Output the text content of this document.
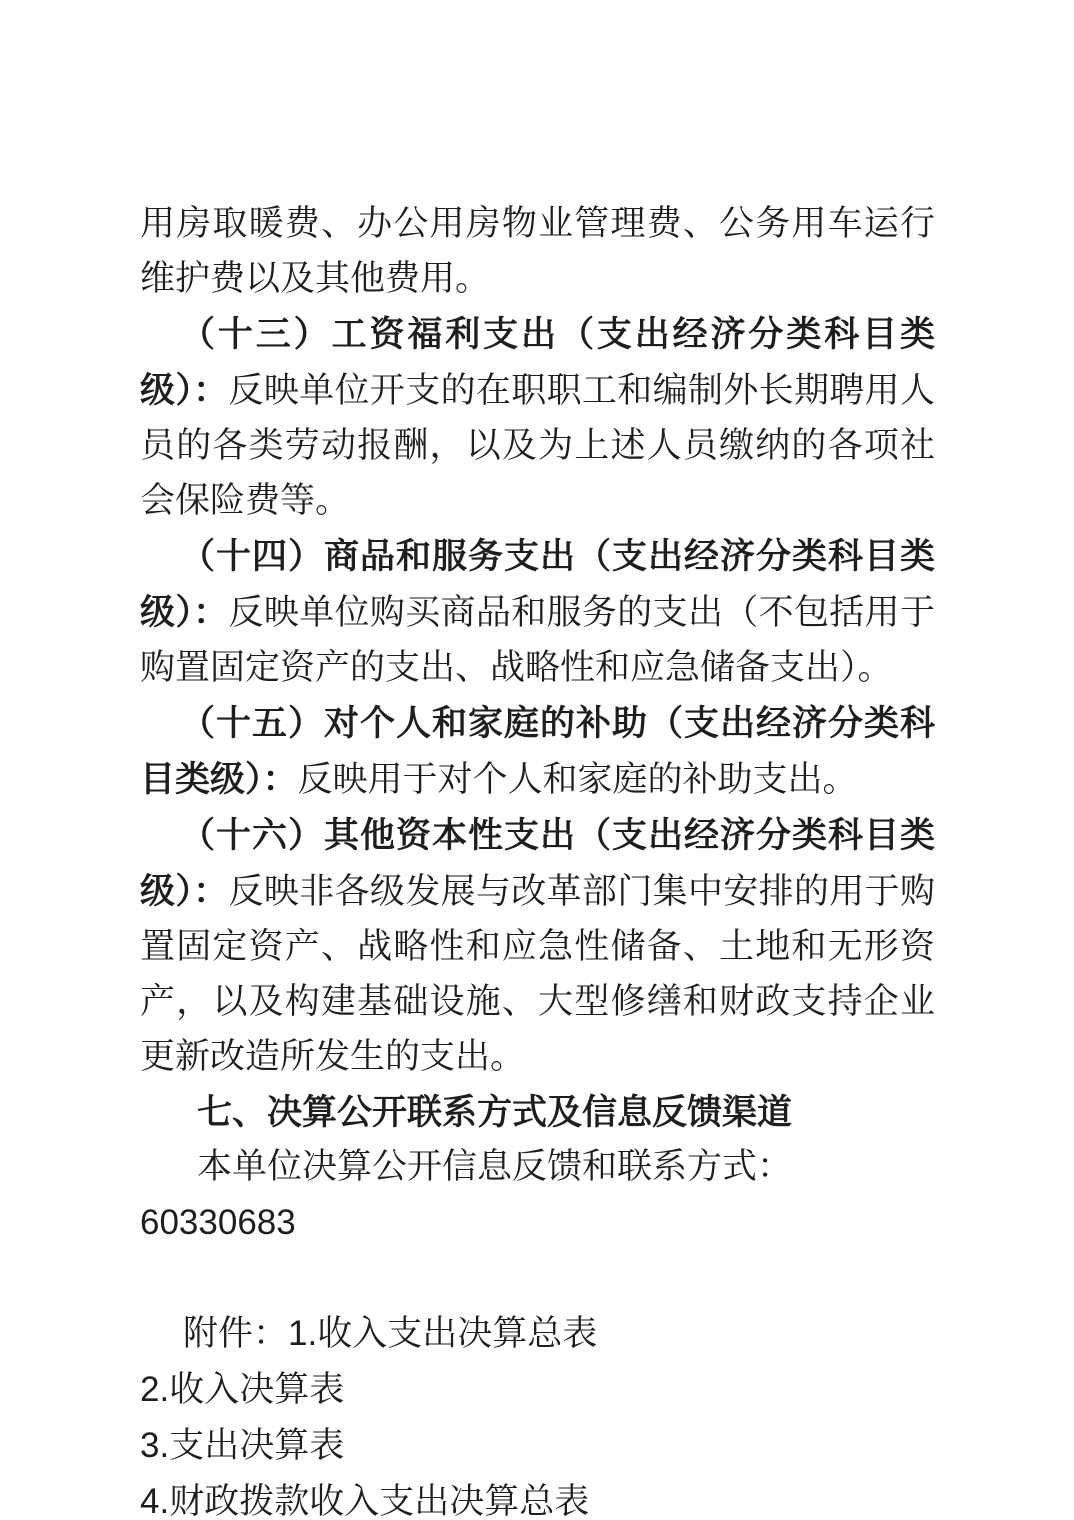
用房取暖费、办公用房物业管理费、公务用车运行维护费以及其他费用。

（十三）工资福利支出（支出经济分类科目类级）：反映单位开支的在职职工和编制外长期聘用人员的各类劳动报酬，以及为上述人员缴纳的各项社会保险费等。

（十四）商品和服务支出（支出经济分类科目类级）：反映单位购买商品和服务的支出（不包括用于购置固定资产的支出、战略性和应急储备支出）。

（十五）对个人和家庭的补助（支出经济分类科目类级）：反映用于对个人和家庭的补助支出。

（十六）其他资本性支出（支出经济分类科目类级）：反映非各级发展与改革部门集中安排的用于购置固定资产、战略性和应急性储备、土地和无形资产，以及构建基础设施、大型修缮和财政支持企业更新改造所发生的支出。

七、决算公开联系方式及信息反馈渠道

本单位决算公开信息反馈和联系方式：60330683

附件：1.收入支出决算总表

2.收入决算表

3.支出决算表

4.财政拨款收入支出决算总表
